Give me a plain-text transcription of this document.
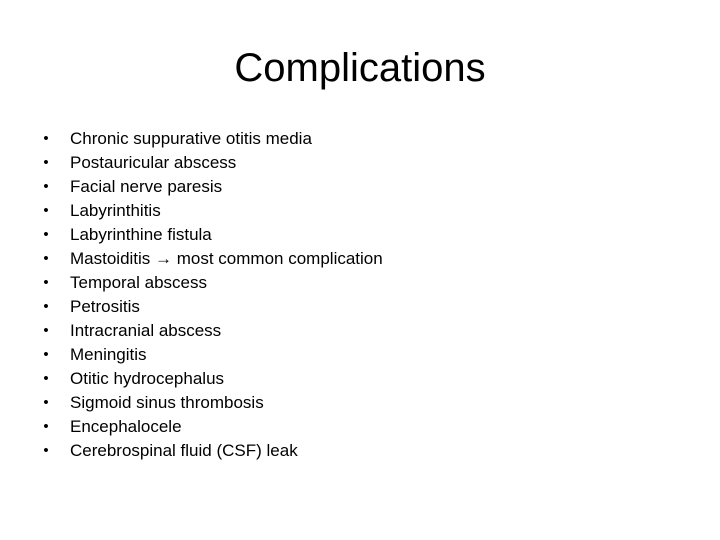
Complications
• Chronic suppurative otitis media
• Postauricular abscess
• Facial nerve paresis
• Labyrinthitis
• Labyrinthine fistula
• Mastoiditis → most common complication
• Temporal abscess
• Petrositis
• Intracranial abscess
• Meningitis
• Otitic hydrocephalus
• Sigmoid sinus thrombosis
• Encephalocele
• Cerebrospinal fluid (CSF) leak
